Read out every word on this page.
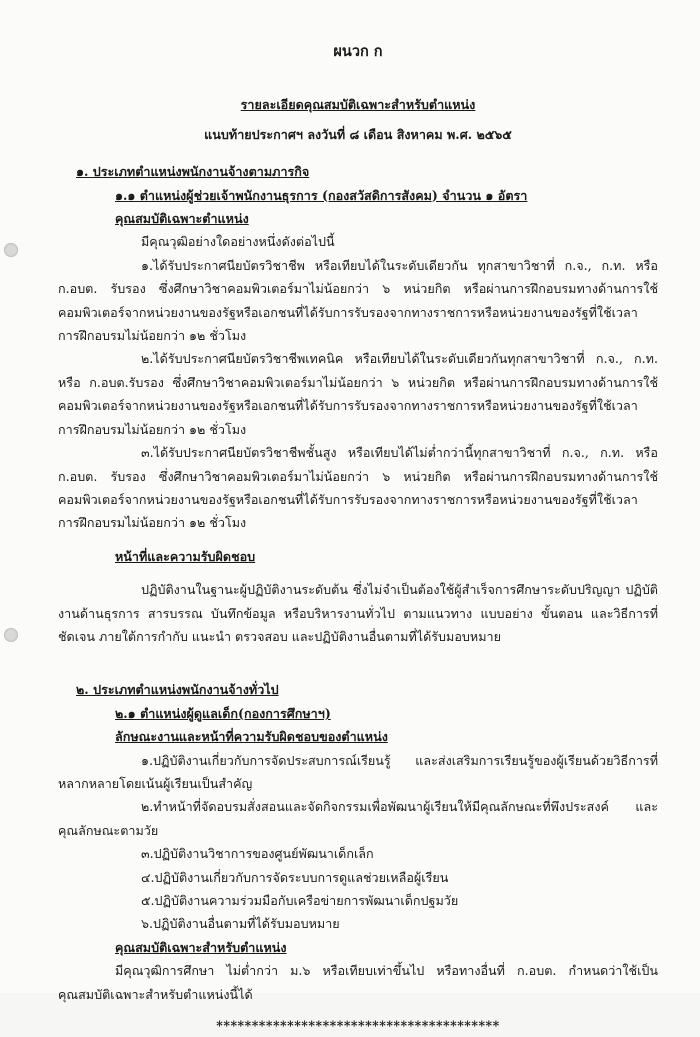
ผนวก ก
รายละเอียดคุณสมบัติเฉพาะสำหรับตำแหน่ง
แนบท้ายประกาศฯ ลงวันที่ ๘ เดือน สิงหาคม พ.ศ. ๒๕๖๕
๑. ประเภทตำแหน่งพนักงานจ้างตามภารกิจ
๑.๑ ตำแหน่งผู้ช่วยเจ้าพนักงานธุรการ (กองสวัสดิการสังคม) จำนวน ๑ อัตรา
คุณสมบัติเฉพาะตำแหน่ง

มีคุณวุฒิอย่างใดอย่างหนึ่งดังต่อไปนี้

๑.ได้รับประกาศนียบัตรวิชาชีพ หรือเทียบได้ในระดับเดียวกัน ทุกสาขาวิชาที่ ก.จ., ก.ท. หรือ ก.อบต. รับรอง ซึ่งศึกษาวิชาคอมพิวเตอร์มาไม่น้อยกว่า ๖ หน่วยกิต หรือผ่านการฝึกอบรมทางด้านการใช้คอมพิวเตอร์จากหน่วยงานของรัฐหรือเอกชนที่ได้รับการรับรองจากทางราชการหรือหน่วยงานของรัฐที่ใช้เวลาการฝึกอบรมไม่น้อยกว่า ๑๒ ชั่วโมง

๒.ได้รับประกาศนียบัตรวิชาชีพเทคนิค หรือเทียบได้ในระดับเดียวกันทุกสาขาวิชาที่ ก.จ., ก.ท. หรือ ก.อบต.รับรอง ซึ่งศึกษาวิชาคอมพิวเตอร์มาไม่น้อยกว่า ๖ หน่วยกิต หรือผ่านการฝึกอบรมทางด้านการใช้คอมพิวเตอร์จากหน่วยงานของรัฐหรือเอกชนที่ได้รับการรับรองจากทางราชการหรือหน่วยงานของรัฐที่ใช้เวลาการฝึกอบรมไม่น้อยกว่า ๑๒ ชั่วโมง

๓.ได้รับประกาศนียบัตรวิชาชีพชั้นสูง หรือเทียบได้ไม่ต่ำกว่านี้ทุกสาขาวิชาที่ ก.จ., ก.ท. หรือ ก.อบต. รับรอง ซึ่งศึกษาวิชาคอมพิวเตอร์มาไม่น้อยกว่า ๖ หน่วยกิต หรือผ่านการฝึกอบรมทางด้านการใช้คอมพิวเตอร์จากหน่วยงานของรัฐหรือเอกชนที่ได้รับการรับรองจากทางราชการหรือหน่วยงานของรัฐที่ใช้เวลาการฝึกอบรมไม่น้อยกว่า ๑๒ ชั่วโมง

หน้าที่และความรับผิดชอบ

ปฏิบัติงานในฐานะผู้ปฏิบัติงานระดับต้น ซึ่งไม่จำเป็นต้องใช้ผู้สำเร็จการศึกษาระดับปริญญา ปฏิบัติงานด้านธุรการ สารบรรณ บันทึกข้อมูล หรือบริหารงานทั่วไป ตามแนวทาง แบบอย่าง ขั้นตอน และวิธีการที่ชัดเจน ภายใต้การกำกับ แนะนำ ตรวจสอบ และปฏิบัติงานอื่นตามที่ได้รับมอบหมาย

๒. ประเภทตำแหน่งพนักงานจ้างทั่วไป
๒.๑ ตำแหน่งผู้ดูแลเด็ก(กองการศึกษาฯ)
ลักษณะงานและหน้าที่ความรับผิดชอบของตำแหน่ง

๑.ปฏิบัติงานเกี่ยวกับการจัดประสบการณ์เรียนรู้ และส่งเสริมการเรียนรู้ของผู้เรียนด้วยวิธีการที่หลากหลายโดยเน้นผู้เรียนเป็นสำคัญ

๒.ทำหน้าที่จัดอบรมสั่งสอนและจัดกิจกรรมเพื่อพัฒนาผู้เรียนให้มีคุณลักษณะที่พึงประสงค์ และคุณลักษณะตามวัย

๓.ปฏิบัติงานวิชาการของศูนย์พัฒนาเด็กเล็ก

๔.ปฏิบัติงานเกี่ยวกับการจัดระบบการดูแลช่วยเหลือผู้เรียน

๕.ปฏิบัติงานความร่วมมือกับเครือข่ายการพัฒนาเด็กปฐมวัย

๖.ปฏิบัติงานอื่นตามที่ได้รับมอบหมาย

คุณสมบัติเฉพาะสำหรับตำแหน่ง

มีคุณวุฒิการศึกษา ไม่ต่ำกว่า ม.๖ หรือเทียบเท่าขึ้นไป หรือทางอื่นที่ ก.อบต. กำหนดว่าใช้เป็นคุณสมบัติเฉพาะสำหรับตำแหน่งนี้ได้

****************************************
